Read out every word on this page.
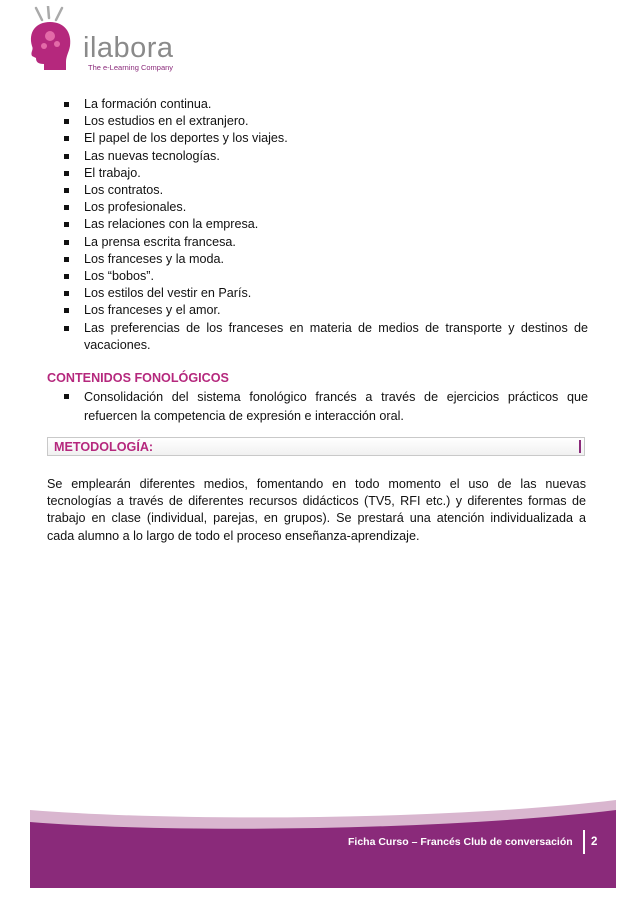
ilabora
The e-Learning Company
La formación continua.
Los estudios en el extranjero.
El papel de los deportes y los viajes.
Las nuevas tecnologías.
El trabajo.
Los contratos.
Los profesionales.
Las relaciones con la empresa.
La prensa escrita francesa.
Los franceses y la moda.
Los “bobos”.
Los estilos del vestir en París.
Los franceses y el amor.
Las preferencias de los franceses en materia de medios de transporte y destinos de vacaciones.
CONTENIDOS FONOLÓGICOS
Consolidación del sistema fonológico francés a través de ejercicios prácticos que refuercen la competencia de expresión e interacción oral.
METODOLOGÍA:

Se emplearán diferentes medios, fomentando en todo momento el uso de las nuevas tecnologías a través de diferentes recursos didácticos (TV5, RFI etc.) y diferentes formas de trabajo en clase (individual, parejas, en grupos). Se prestará una atención individualizada a cada alumno a lo largo de todo el proceso enseñanza-aprendizaje.

Ficha Curso – Francés Club de conversación 2
